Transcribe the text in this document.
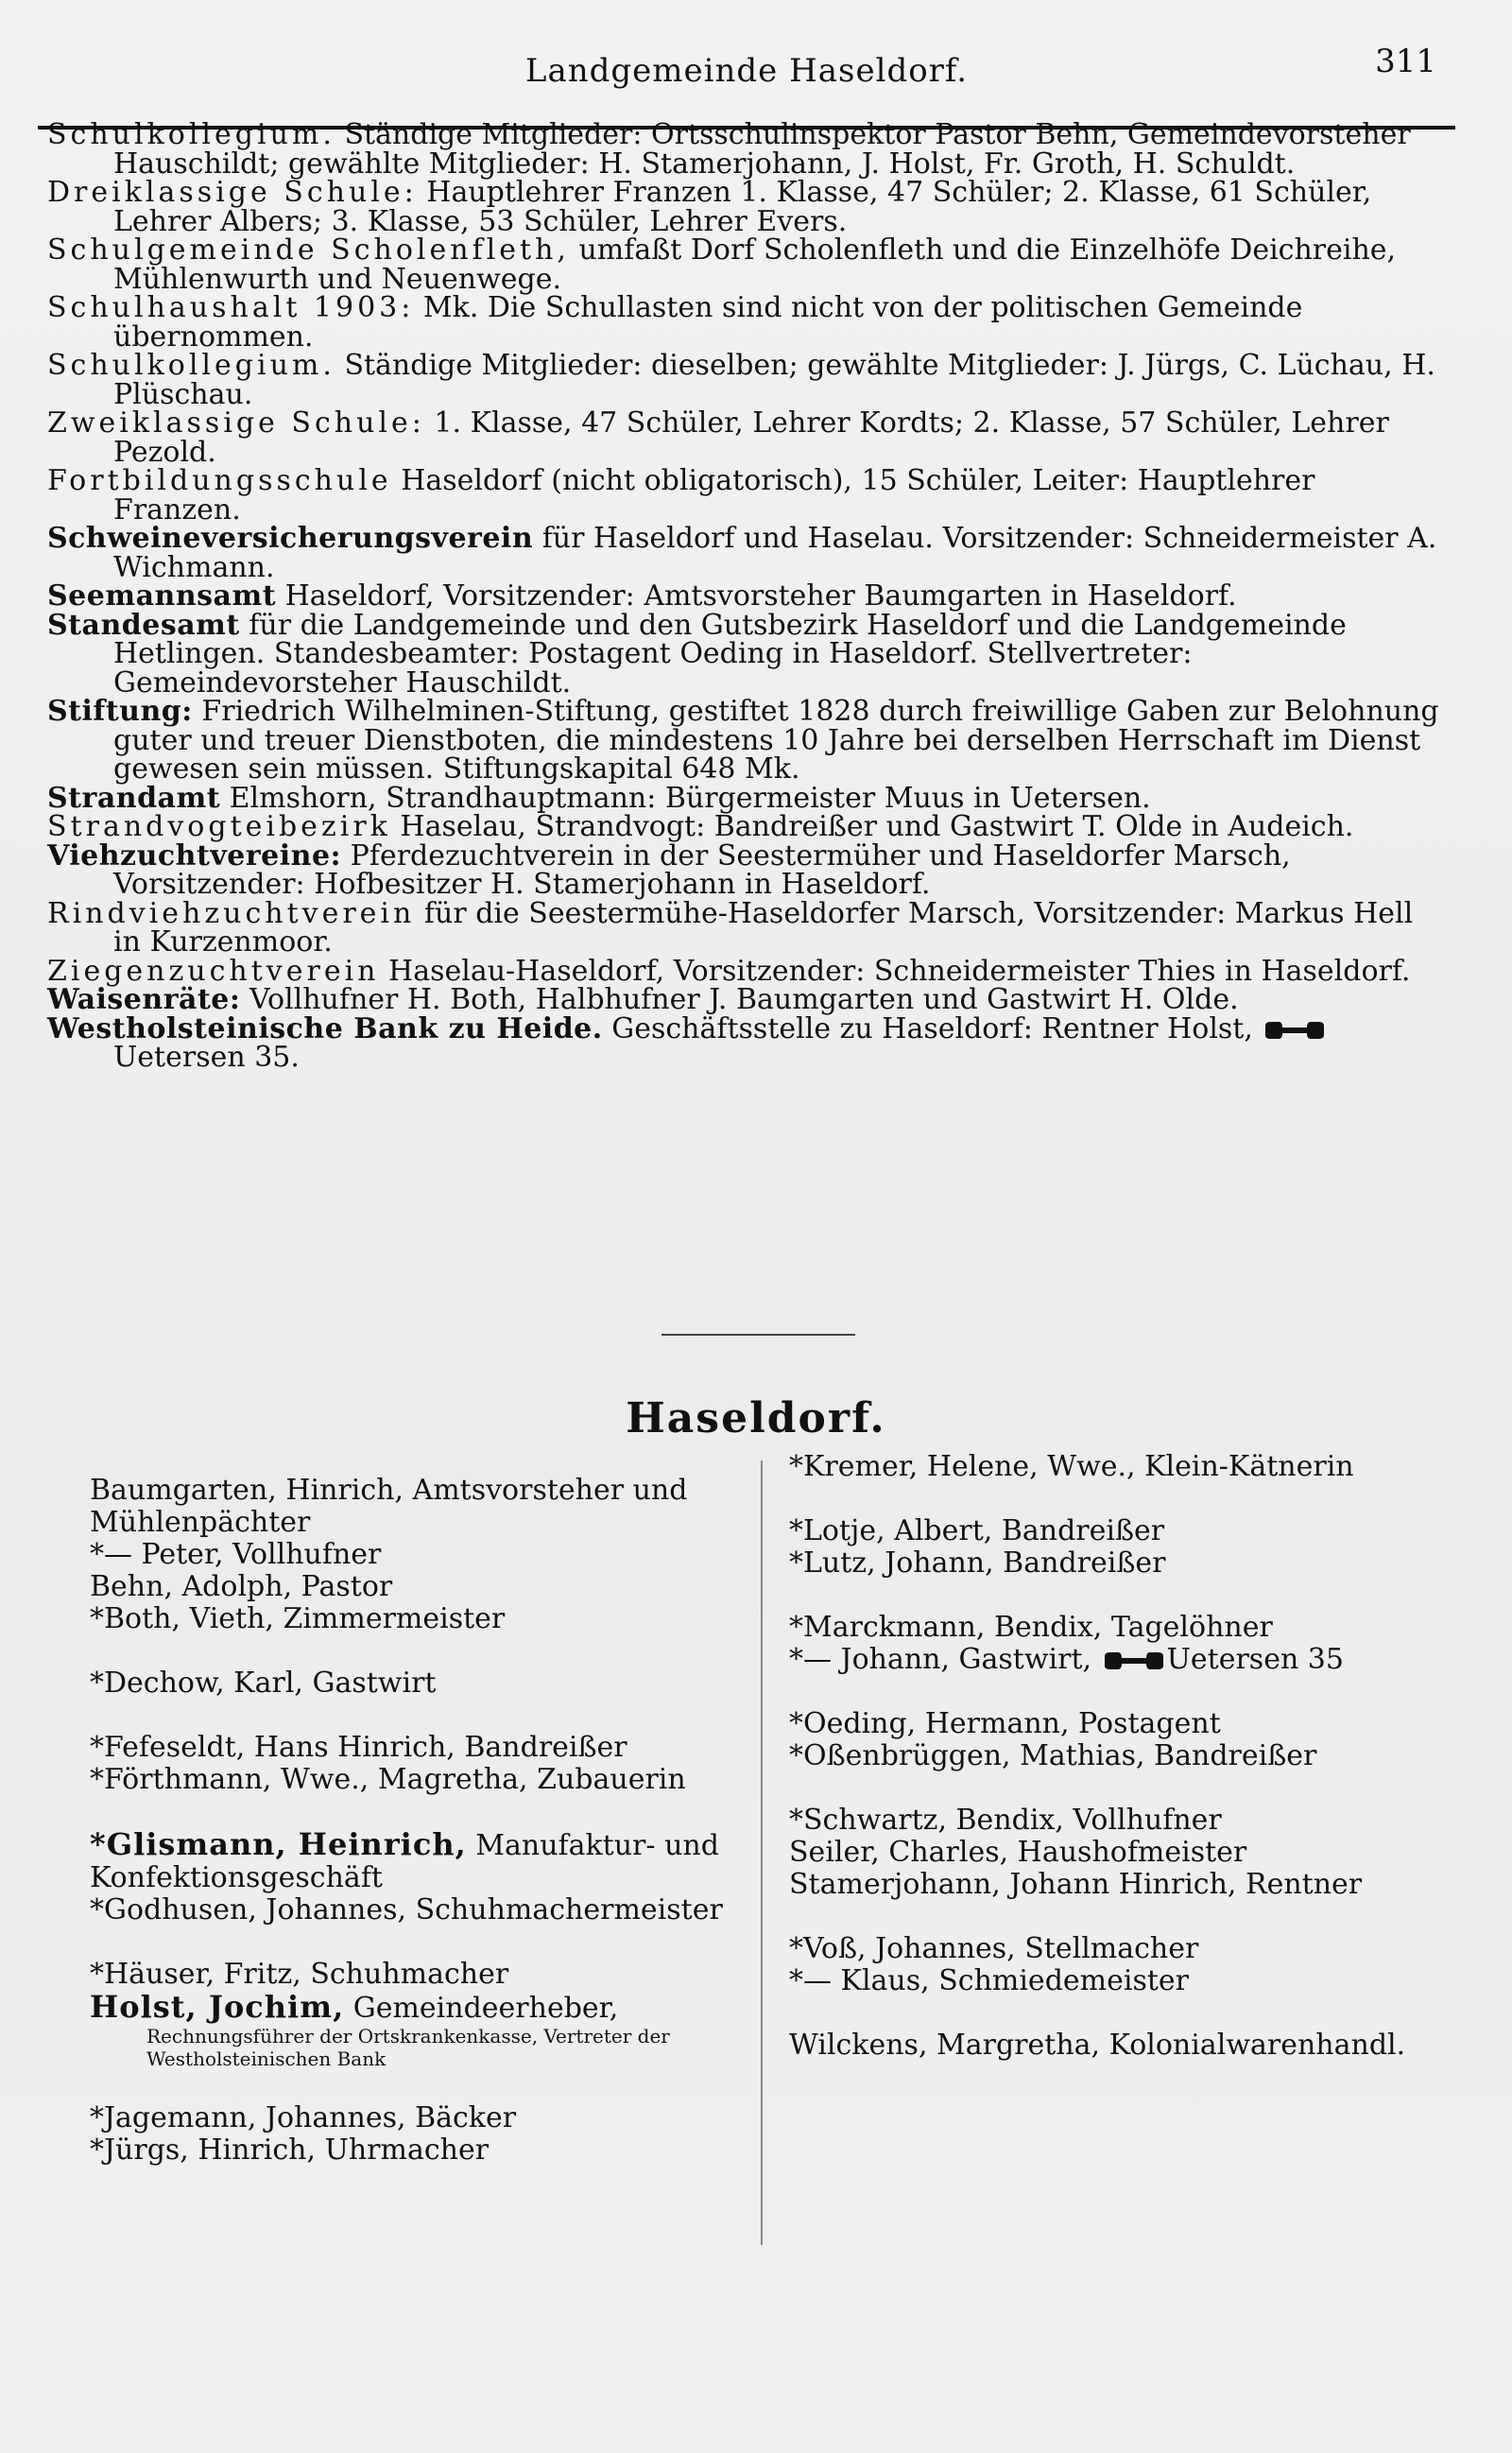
Landgemeinde Haseldorf.	311

Schulkollegium. Ständige Mitglieder: Ortsschulinspektor Pastor Behn, Gemeindevorsteher Hauschildt; gewählte Mitglieder: H. Stamerjohann, J. Holst, Fr. Groth, H. Schuldt.

Dreiklassige Schule: Hauptlehrer Franzen 1. Klasse, 47 Schüler; 2. Klasse, 61 Schüler, Lehrer Albers; 3. Klasse, 53 Schüler, Lehrer Evers.

Schulgemeinde Scholenfleth, umfaßt Dorf Scholenfleth und die Einzelhöfe Deichreihe, Mühlenwurth und Neuenwege.

Schulhaushalt 1903: Mk. Die Schullasten sind nicht von der politischen Gemeinde übernommen.

Schulkollegium. Ständige Mitglieder: dieselben; gewählte Mitglieder: J. Jürgs, C. Lüchau, H. Plüschau.

Zweiklassige Schule: 1. Klasse, 47 Schüler, Lehrer Kordts; 2. Klasse, 57 Schüler, Lehrer Pezold.

Fortbildungsschule Haseldorf (nicht obligatorisch), 15 Schüler, Leiter: Hauptlehrer Franzen.

Schweineversicherungsverein für Haseldorf und Haselau. Vorsitzender: Schneidermeister A. Wichmann.

Seemannsamt Haseldorf, Vorsitzender: Amtsvorsteher Baumgarten in Haseldorf.

Standesamt für die Landgemeinde und den Gutsbezirk Haseldorf und die Landgemeinde Hetlingen. Standesbeamter: Postagent Oeding in Haseldorf. Stellvertreter: Gemeindevorsteher Hauschildt.

Stiftung: Friedrich Wilhelminen-Stiftung, gestiftet 1828 durch freiwillige Gaben zur Belohnung guter und treuer Dienstboten, die mindestens 10 Jahre bei derselben Herrschaft im Dienst gewesen sein müssen. Stiftungskapital 648 Mk.

Strandamt Elmshorn, Strandhauptmann: Bürgermeister Muus in Uetersen.

Strandvogteibezirk Haselau, Strandvogt: Bandreißer und Gastwirt T. Olde in Audeich.

Viehzuchtvereine: Pferdezuchtverein in der Seestermüher und Haseldorfer Marsch, Vorsitzender: Hofbesitzer H. Stamerjohann in Haseldorf.

Rindviehzuchtverein für die Seestermühe-Haseldorfer Marsch, Vorsitzender: Markus Hell in Kurzenmoor.

Ziegenzuchtverein Haselau-Haseldorf, Vorsitzender: Schneidermeister Thies in Haseldorf.

Waisenräte: Vollhufner H. Both, Halbhufner J. Baumgarten und Gastwirt H. Olde.

Westholsteinische Bank zu Heide. Geschäftsstelle zu Haseldorf: Rentner Holst, Uetersen 35.

Haseldorf.
Baumgarten, Hinrich, Amtsvorsteher und Mühlenpächter
*— Peter, Vollhufner
Behn, Adolph, Pastor
*Both, Vieth, Zimmermeister
*Dechow, Karl, Gastwirt
*Fefeseldt, Hans Hinrich, Bandreißer
*Förthmann, Wwe., Magretha, Zubauerin
*Glismann, Heinrich, Manufaktur- und Konfektionsgeschäft
*Godhusen, Johannes, Schuhmachermeister
*Häuser, Fritz, Schuhmacher
Holst, Jochim, Gemeindeerheber,
Rechnungsführer der Ortskrankenkasse, Vertreter der Westholsteinischen Bank
*Jagemann, Johannes, Bäcker
*Jürgs, Hinrich, Uhrmacher
*Kremer, Helene, Wwe., Klein-Kätnerin
*Lotje, Albert, Bandreißer
*Lutz, Johann, Bandreißer
*Marckmann, Bendix, Tagelöhner
*— Johann, Gastwirt,	Uetersen 35
*Oeding, Hermann, Postagent
*Oßenbrüggen, Mathias, Bandreißer
*Schwartz, Bendix, Vollhufner
Seiler, Charles, Haushofmeister
Stamerjohann, Johann Hinrich, Rentner
*Voß, Johannes, Stellmacher
*— Klaus, Schmiedemeister
Wilckens, Margretha, Kolonialwarenhandl.
